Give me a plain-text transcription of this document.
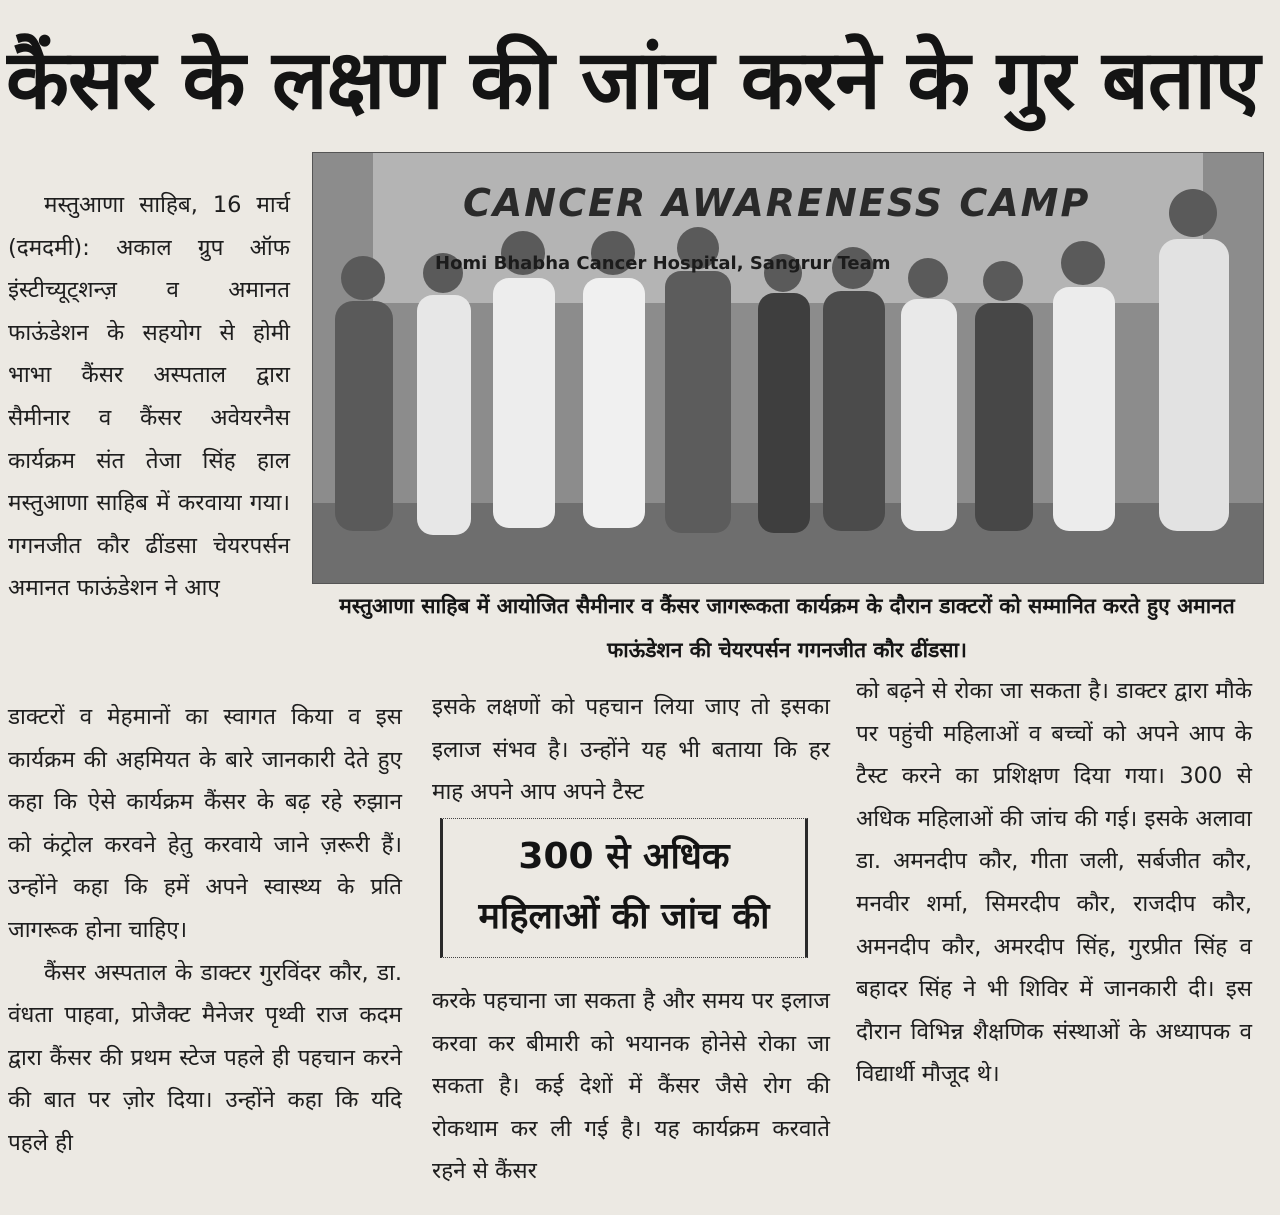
कैंसर के लक्षण की जांच करने के गुर बताए
CANCER AWARENESS CAMP
Homi Bhabha Cancer Hospital, Sangrur Team
मस्तुआणा साहिब में आयोजित सैमीनार व कैंसर जागरूकता कार्यक्रम के दौरान डाक्टरों को सम्मानित करते हुए अमानत फाऊंडेशन की चेयरपर्सन गगनजीत कौर ढींडसा।

मस्तुआणा साहिब, 16 मार्च (दमदमी): अकाल ग्रुप ऑफ इंस्टीच्यूट्शन्ज़ व अमानत फाऊंडेशन के सहयोग से होमी भाभा कैंसर अस्पताल द्वारा सैमीनार व कैंसर अवेयरनैस कार्यक्रम संत तेजा सिंह हाल मस्तुआणा साहिब में करवाया गया। गगनजीत कौर ढींडसा चेयरपर्सन अमानत फाऊंडेशन ने आए

डाक्टरों व मेहमानों का स्वागत किया व इस कार्यक्रम की अहमियत के बारे जानकारी देते हुए कहा कि ऐसे कार्यक्रम कैंसर के बढ़ रहे रुझान को कंट्रोल करवने हेतु करवाये जाने ज़रूरी हैं। उन्होंने कहा कि हमें अपने स्वास्थ्य के प्रति जागरूक होना चाहिए।

कैंसर अस्पताल के डाक्टर गुरविंदर कौर, डा. वंधता पाहवा, प्रोजैक्ट मैनेजर पृथ्वी राज कदम द्वारा कैंसर की प्रथम स्टेज पहले ही पहचान करने की बात पर ज़ोर दिया। उन्होंने कहा कि यदि पहले ही

इसके लक्षणों को पहचान लिया जाए तो इसका इलाज संभव है। उन्होंने यह भी बताया कि हर माह अपने आप अपने टैस्ट

300 से अधिक
महिलाओं की जांच की

करके पहचाना जा सकता है और समय पर इलाज करवा कर बीमारी को भयानक होनेसे रोका जा सकता है। कई देशों में कैंसर जैसे रोग की रोकथाम कर ली गई है। यह कार्यक्रम करवाते रहने से कैंसर

को बढ़ने से रोका जा सकता है। डाक्टर द्वारा मौके पर पहुंची महिलाओं व बच्चों को अपने आप के टैस्ट करने का प्रशिक्षण दिया गया। 300 से अधिक महिलाओं की जांच की गई। इसके अलावा डा. अमनदीप कौर, गीता जली, सर्बजीत कौर, मनवीर शर्मा, सिमरदीप कौर, राजदीप कौर, अमनदीप कौर, अमरदीप सिंह, गुरप्रीत सिंह व बहादर सिंह ने भी शिविर में जानकारी दी। इस दौरान विभिन्न शैक्षणिक संस्थाओं के अध्यापक व विद्यार्थी मौजूद थे।
